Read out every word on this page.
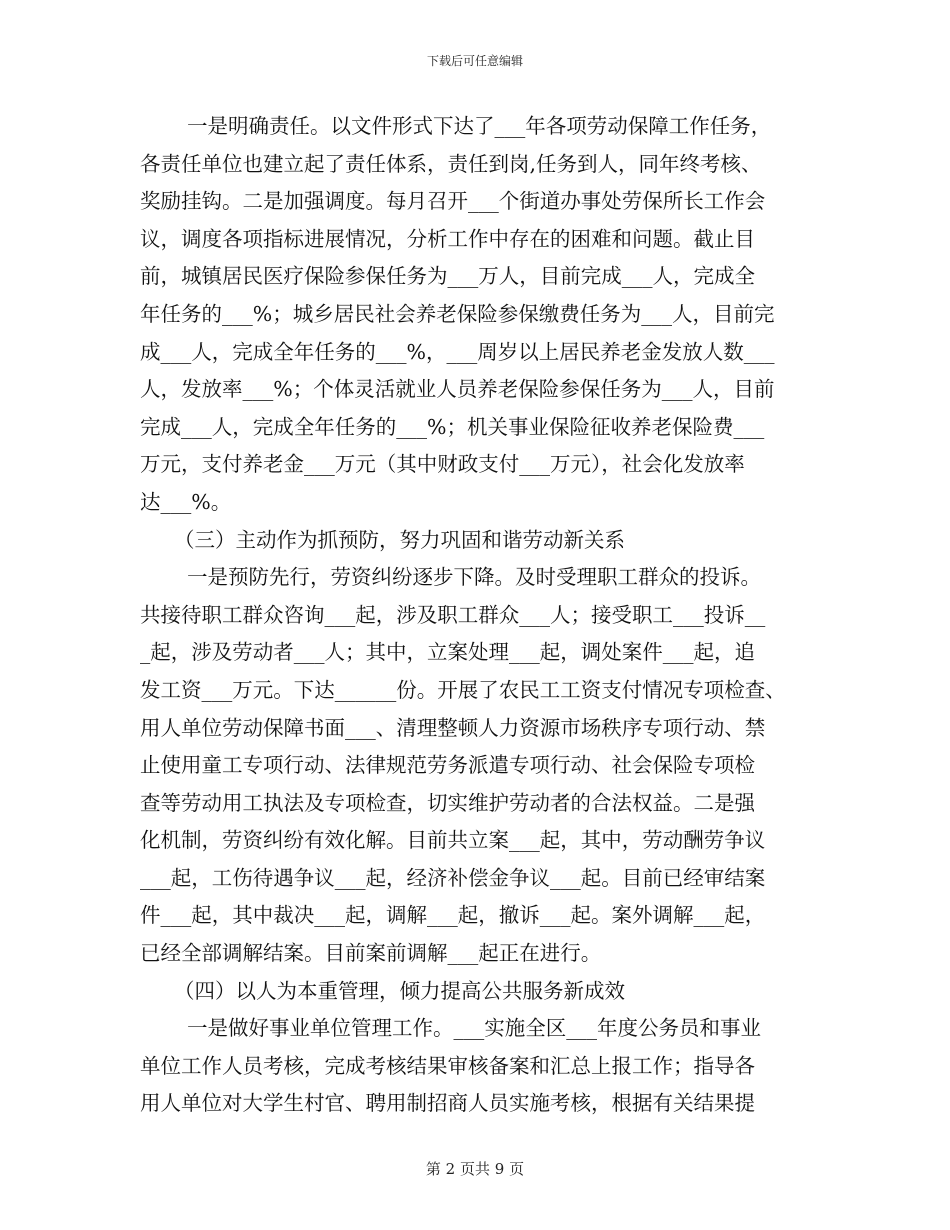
下载后可任意编辑
一是明确责任。以文件形式下达了___年各项劳动保障工作任务，
各责任单位也建立起了责任体系，责任到岗,任务到人，同年终考核、
奖励挂钩。二是加强调度。每月召开___个街道办事处劳保所长工作会
议，调度各项指标进展情况，分析工作中存在的困难和问题。截止目
前，城镇居民医疗保险参保任务为___万人，目前完成___人，完成全
年任务的___%；城乡居民社会养老保险参保缴费任务为___人，目前完
成___人，完成全年任务的___%，___周岁以上居民养老金发放人数___
人，发放率___%；个体灵活就业人员养老保险参保任务为___人，目前
完成___人，完成全年任务的___%；机关事业保险征收养老保险费___
万元，支付养老金___万元（其中财政支付___万元），社会化发放率
达___%。
（三）主动作为抓预防，努力巩固和谐劳动新关系
一是预防先行，劳资纠纷逐步下降。及时受理职工群众的投诉。
共接待职工群众咨询___起，涉及职工群众___人；接受职工___投诉__
_起，涉及劳动者___人；其中，立案处理___起，调处案件___起，追
发工资___万元。下达______份。开展了农民工工资支付情况专项检查、
用人单位劳动保障书面___、清理整顿人力资源市场秩序专项行动、禁
止使用童工专项行动、法律规范劳务派遣专项行动、社会保险专项检
查等劳动用工执法及专项检查，切实维护劳动者的合法权益。二是强
化机制，劳资纠纷有效化解。目前共立案___起，其中，劳动酬劳争议
___起，工伤待遇争议___起，经济补偿金争议___起。目前已经审结案
件___起，其中裁决___起，调解___起，撤诉___起。案外调解___起，
已经全部调解结案。目前案前调解___起正在进行。
（四）以人为本重管理，倾力提高公共服务新成效
一是做好事业单位管理工作。___实施全区___年度公务员和事业
单位工作人员考核，完成考核结果审核备案和汇总上报工作；指导各
用人单位对大学生村官、聘用制招商人员实施考核，根据有关结果提
第 2 页共 9 页
